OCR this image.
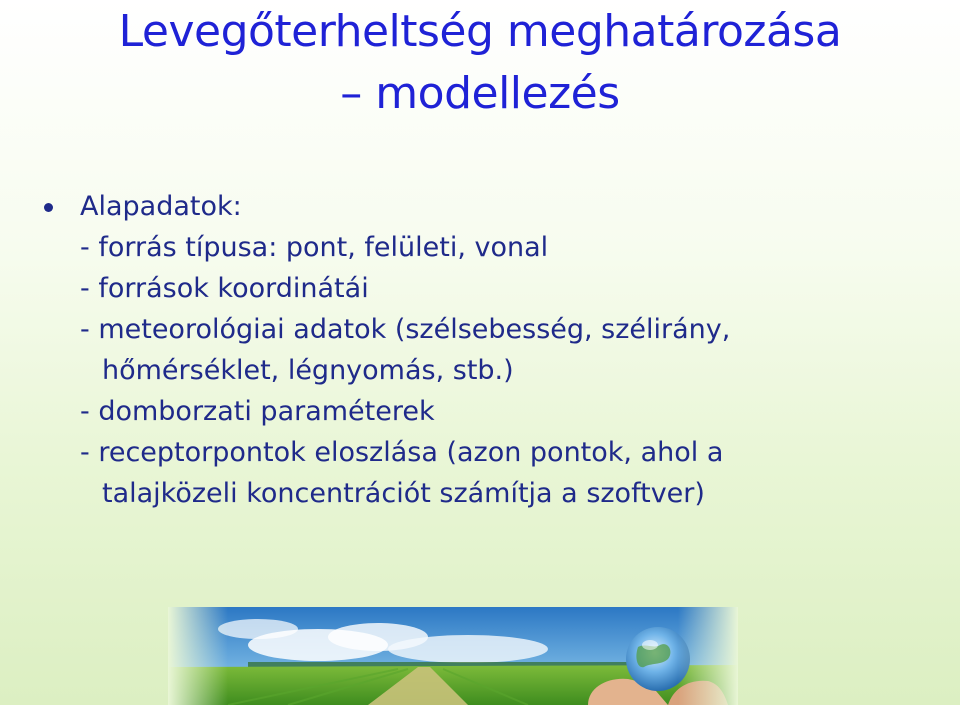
Levegőterheltség meghatározása
– modellezés
Alapadatok:
- forrás típusa: pont, felületi, vonal
- források koordinátái
- meteorológiai adatok (szélsebesség, szélirány,
hőmérséklet, légnyomás, stb.)
- domborzati paraméterek
- receptorpontok eloszlása (azon pontok, ahol a
talajközeli koncentrációt számítja a szoftver)
